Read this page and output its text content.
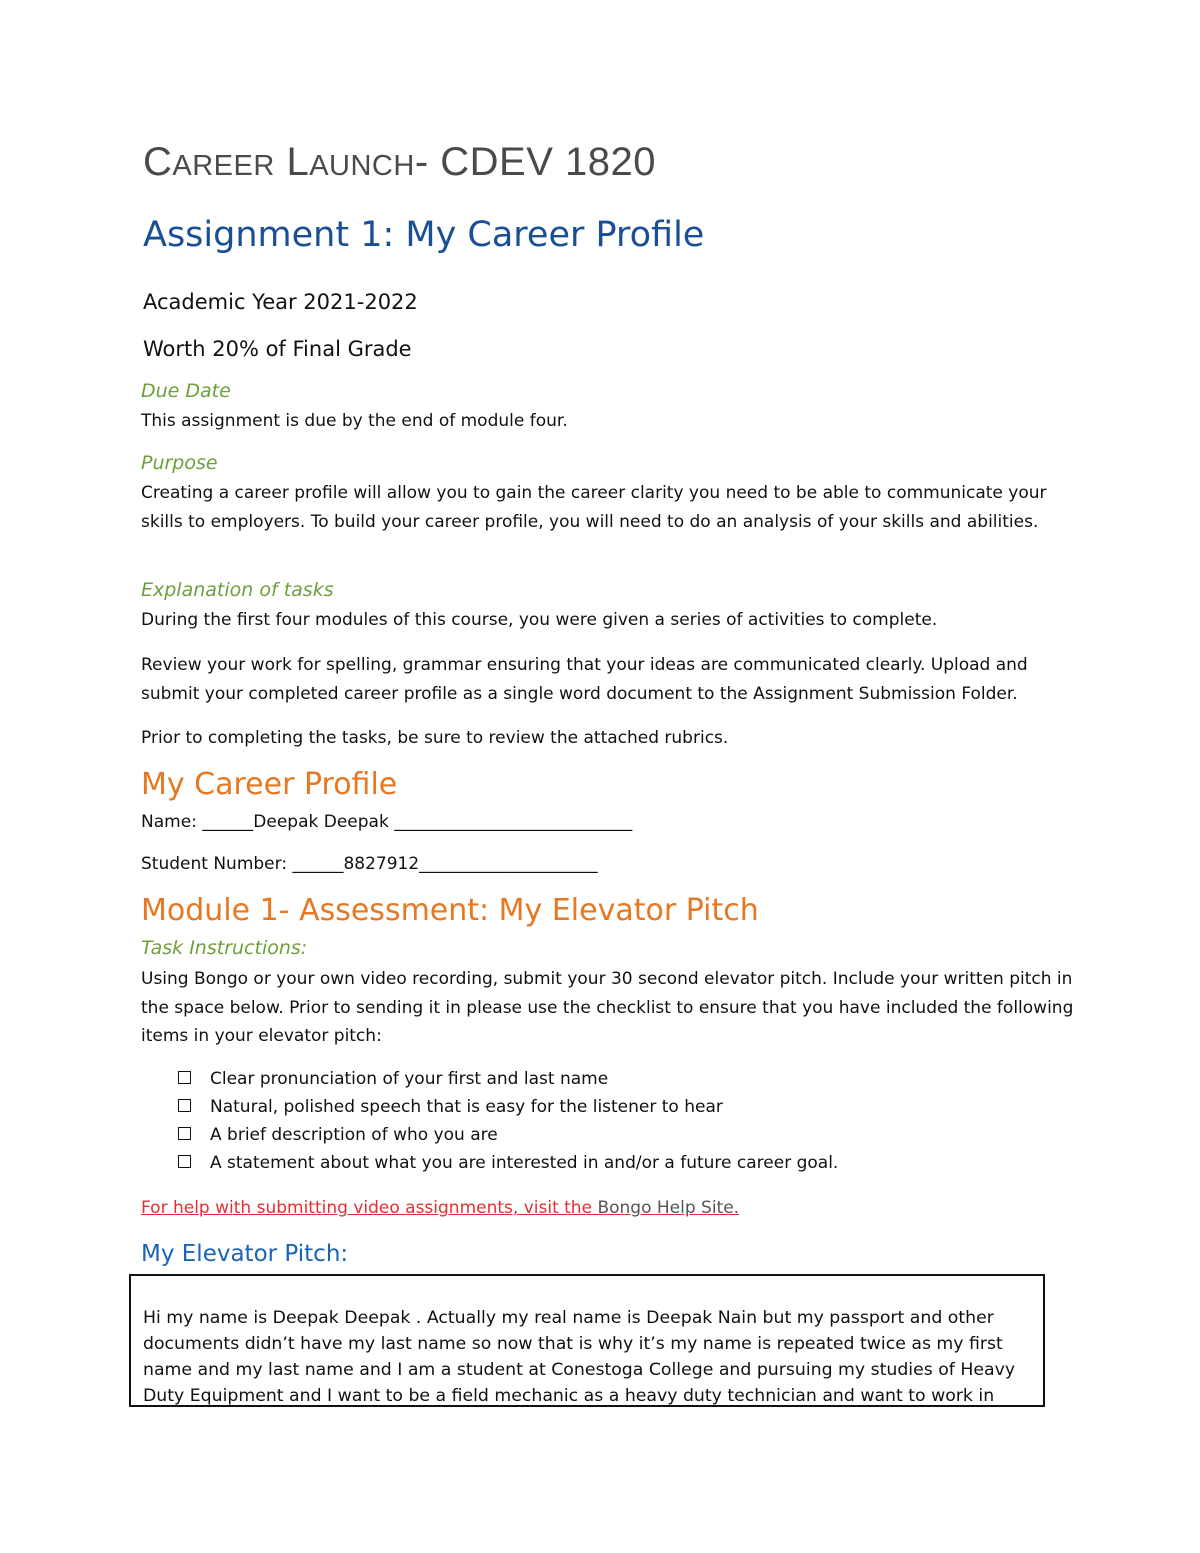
CAREER LAUNCH- CDEV 1820
Assignment 1: My Career Profile
Academic Year 2021-2022
Worth 20% of Final Grade
Due Date
This assignment is due by the end of module four.
Purpose
Creating a career profile will allow you to gain the career clarity you need to be able to communicate your skills to employers. To build your career profile, you will need to do an analysis of your skills and abilities.
Explanation of tasks
During the first four modules of this course, you were given a series of activities to complete.
Review your work for spelling, grammar ensuring that your ideas are communicated clearly. Upload and submit your completed career profile as a single word document to the Assignment Submission Folder.
Prior to completing the tasks, be sure to review the attached rubrics.
My Career Profile
Name: ______Deepak Deepak ____________________________
Student Number: ______8827912_____________________
Module 1- Assessment: My Elevator Pitch
Task Instructions:
Using Bongo or your own video recording, submit your 30 second elevator pitch. Include your written pitch in the space below. Prior to sending it in please use the checklist to ensure that you have included the following items in your elevator pitch:
Clear pronunciation of your first and last name
Natural, polished speech that is easy for the listener to hear
A brief description of who you are
A statement about what you are interested in and/or a future career goal.
For help with submitting video assignments, visit the Bongo Help Site.
My Elevator Pitch:
Hi my name is Deepak Deepak . Actually my real name is Deepak Nain but my passport and other documents didn’t have my last name so now that is why it’s my name is repeated twice as my first name and my last name and I am a student at Conestoga College and pursuing my studies of Heavy Duty Equipment and I want to be a field mechanic as a heavy duty technician and want to work in
